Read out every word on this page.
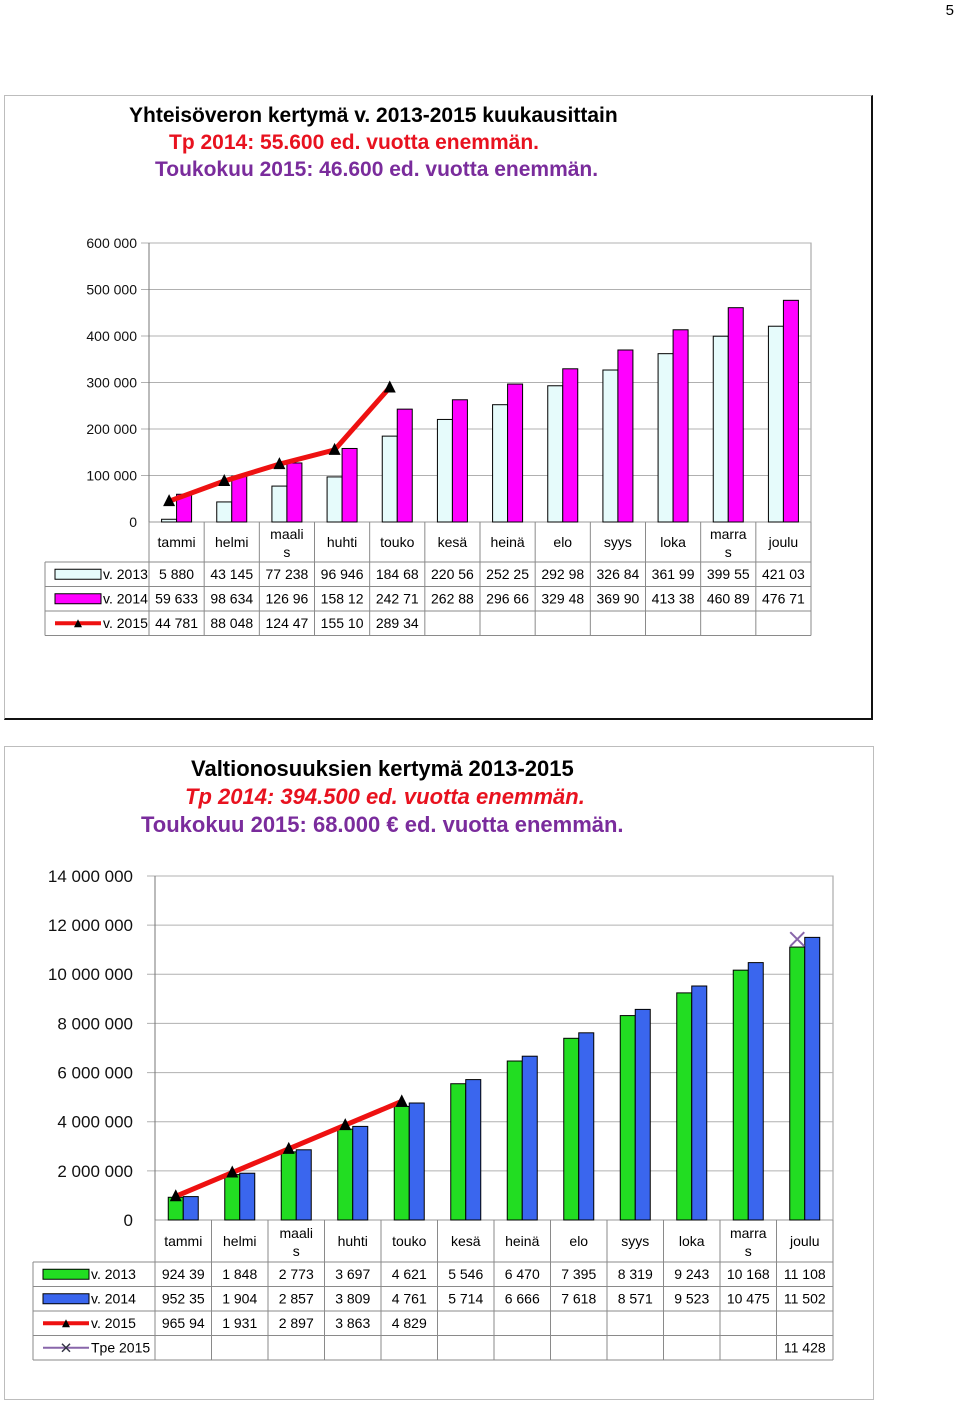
5
Yhteisöveron kertymä v. 2013-2015 kuukausittain
Tp 2014: 55.600 ed. vuotta enemmän.
Toukokuu 2015: 46.600 ed. vuotta enemmän.
0
100 000
200 000
300 000
400 000
500 000
600 000
tammi helmi maali
s
huhti touko kesä heinä elo syys loka marra
s
joulu
v. 2013 5 880 43 145 77 238 96 946 184 68 220 56 252 25 292 98 326 84 361 99 399 55 421 03
v. 2014 59 633 98 634 126 96 158 12 242 71 262 88 296 66 329 48 369 90 413 38 460 89 476 71
v. 2015 44 781 88 048 124 47 155 10 289 34
Valtionosuuksien kertymä 2013-2015
Tp 2014: 394.500 ed. vuotta enemmän.
Toukokuu 2015: 68.000 € ed. vuotta enemmän.
0
2 000 000
4 000 000
6 000 000
8 000 000
10 000 000
12 000 000
14 000 000
tammi helmi maali
s
huhti touko kesä heinä elo syys loka marra
s
joulu
v. 2013 924 39 1 848 2 773 3 697 4 621 5 546 6 470 7 395 8 319 9 243 10 168 11 108
v. 2014 952 35 1 904 2 857 3 809 4 761 5 714 6 666 7 618 8 571 9 523 10 475 11 502
v. 2015 965 94 1 931 2 897 3 863 4 829
Tpe 2015	11 428
